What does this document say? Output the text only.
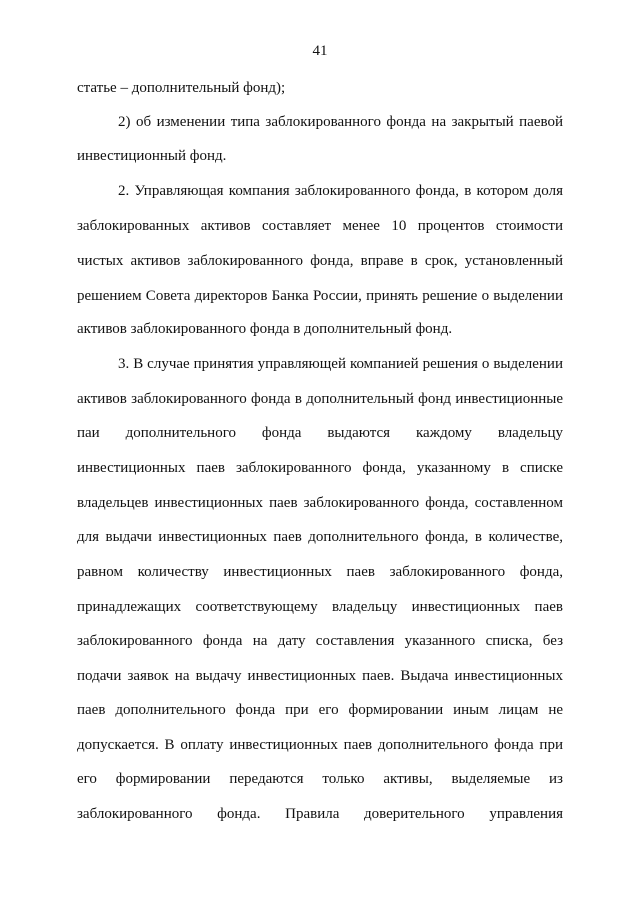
41
статье – дополнительный фонд);
2) об изменении типа заблокированного фонда на закрытый паевой
инвестиционный фонд.
2. Управляющая компания заблокированного фонда, в котором доля
заблокированных активов составляет менее 10 процентов стоимости
чистых активов заблокированного фонда, вправе в срок, установленный
решением Совета директоров Банка России, принять решение о выделении
активов заблокированного фонда в дополнительный фонд.
3. В случае принятия управляющей компанией решения о выделении
активов заблокированного фонда в дополнительный фонд инвестиционные
паи дополнительного фонда выдаются каждому владельцу
инвестиционных паев заблокированного фонда, указанному в списке
владельцев инвестиционных паев заблокированного фонда, составленном
для выдачи инвестиционных паев дополнительного фонда, в количестве,
равном количеству инвестиционных паев заблокированного фонда,
принадлежащих соответствующему владельцу инвестиционных паев
заблокированного фонда на дату составления указанного списка, без
подачи заявок на выдачу инвестиционных паев. Выдача инвестиционных
паев дополнительного фонда при его формировании иным лицам не
допускается. В оплату инвестиционных паев дополнительного фонда при
его формировании передаются только активы, выделяемые из
заблокированного фонда. Правила доверительного управления
